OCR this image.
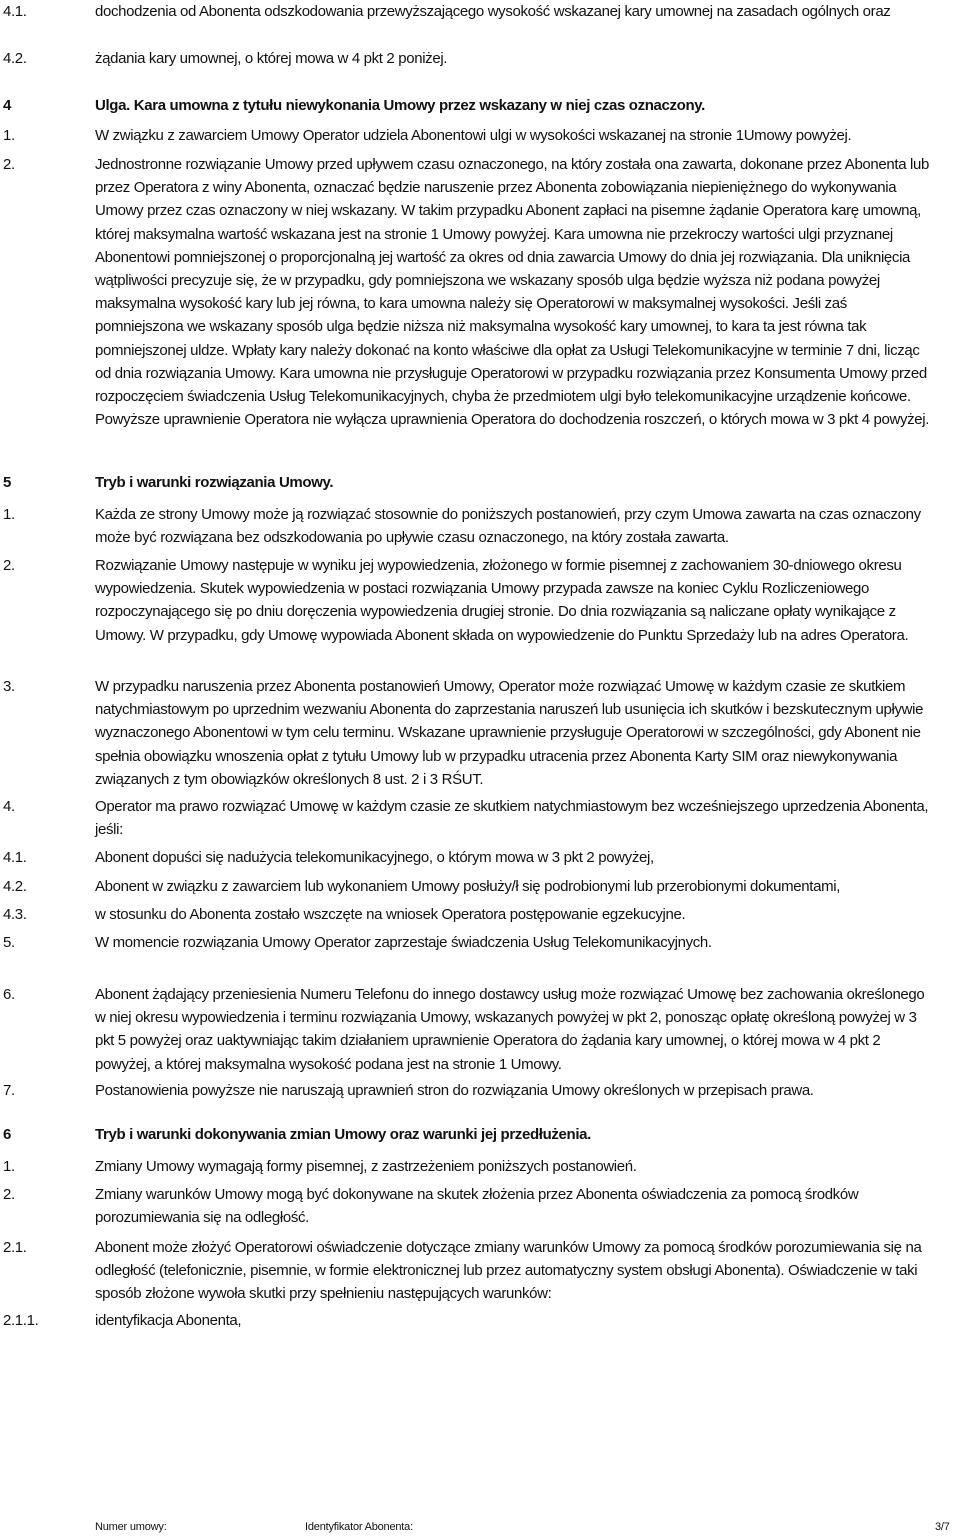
4.1.	dochodzenia od Abonenta odszkodowania przewyższającego wysokość wskazanej kary umownej na zasadach ogólnych oraz
4.2.	żądania kary umownej, o której mowa w 4 pkt 2 poniżej.
4	Ulga. Kara umowna z tytułu niewykonania Umowy przez wskazany w niej czas oznaczony.
1.	W związku z zawarciem Umowy Operator udziela Abonentowi ulgi w wysokości wskazanej na stronie 1Umowy powyżej.
2.	Jednostronne rozwiązanie Umowy przed upływem czasu oznaczonego, na który została ona zawarta, dokonane przez Abonenta lub przez Operatora z winy Abonenta, oznaczać będzie naruszenie przez Abonenta zobowiązania niepieniężnego do wykonywania Umowy przez czas oznaczony w niej wskazany. W takim przypadku Abonent zapłaci na pisemne żądanie Operatora karę umowną, której maksymalna wartość wskazana jest na stronie 1 Umowy powyżej. Kara umowna nie przekroczy wartości ulgi przyznanej Abonentowi pomniejszonej o proporcjonalną jej wartość za okres od dnia zawarcia Umowy do dnia jej rozwiązania. Dla uniknięcia wątpliwości precyzuje się, że w przypadku, gdy pomniejszona we wskazany sposób ulga będzie wyższa niż podana powyżej maksymalna wysokość kary lub jej równa, to kara umowna należy się Operatorowi w maksymalnej wysokości. Jeśli zaś pomniejszona we wskazany sposób ulga będzie niższa niż maksymalna wysokość kary umownej, to kara ta jest równa tak pomniejszonej uldze. Wpłaty kary należy dokonać na konto właściwe dla opłat za Usługi Telekomunikacyjne w terminie 7 dni, licząc od dnia rozwiązania Umowy. Kara umowna nie przysługuje Operatorowi w przypadku rozwiązania przez Konsumenta Umowy przed rozpoczęciem świadczenia Usług Telekomunikacyjnych, chyba że przedmiotem ulgi było telekomunikacyjne urządzenie końcowe. Powyższe uprawnienie Operatora nie wyłącza uprawnienia Operatora do dochodzenia roszczeń, o których mowa w 3 pkt 4 powyżej.
5	Tryb i warunki rozwiązania Umowy.
1.	Każda ze strony Umowy może ją rozwiązać stosownie do poniższych postanowień, przy czym Umowa zawarta na czas oznaczony może być rozwiązana bez odszkodowania po upływie czasu oznaczonego, na który została zawarta.
2.	Rozwiązanie Umowy następuje w wyniku jej wypowiedzenia, złożonego w formie pisemnej z zachowaniem 30-dniowego okresu wypowiedzenia. Skutek wypowiedzenia w postaci rozwiązania Umowy przypada zawsze na koniec Cyklu Rozliczeniowego rozpoczynającego się po dniu doręczenia wypowiedzenia drugiej stronie. Do dnia rozwiązania są naliczane opłaty wynikające z Umowy. W przypadku, gdy Umowę wypowiada Abonent składa on wypowiedzenie do Punktu Sprzedaży lub na adres Operatora.
3.	W przypadku naruszenia przez Abonenta postanowień Umowy, Operator może rozwiązać Umowę w każdym czasie ze skutkiem natychmiastowym po uprzednim wezwaniu Abonenta do zaprzestania naruszeń lub usunięcia ich skutków i bezskutecznym upływie wyznaczonego Abonentowi w tym celu terminu. Wskazane uprawnienie przysługuje Operatorowi w szczególności, gdy Abonent nie spełnia obowiązku wnoszenia opłat z tytułu Umowy lub w przypadku utracenia przez Abonenta Karty SIM oraz niewykonywania związanych z tym obowiązków określonych 8 ust. 2 i 3 RŚUT.
4.	Operator ma prawo rozwiązać Umowę w każdym czasie ze skutkiem natychmiastowym bez wcześniejszego uprzedzenia Abonenta, jeśli:
4.1.	Abonent dopuści się nadużycia telekomunikacyjnego, o którym mowa w 3 pkt 2 powyżej,
4.2.	Abonent w związku z zawarciem lub wykonaniem Umowy posłuży/ł się podrobionymi lub przerobionymi dokumentami,
4.3.	w stosunku do Abonenta zostało wszczęte na wniosek Operatora postępowanie egzekucyjne.
5.	W momencie rozwiązania Umowy Operator zaprzestaje świadczenia Usług Telekomunikacyjnych.
6.	Abonent żądający przeniesienia Numeru Telefonu do innego dostawcy usług może rozwiązać Umowę bez zachowania określonego w niej okresu wypowiedzenia i terminu rozwiązania Umowy, wskazanych powyżej w pkt 2, ponosząc opłatę określoną powyżej w 3 pkt 5 powyżej oraz uaktywniając takim działaniem uprawnienie Operatora do żądania kary umownej, o której mowa w 4 pkt 2 powyżej, a której maksymalna wysokość podana jest na stronie 1 Umowy.
7.	Postanowienia powyższe nie naruszają uprawnień stron do rozwiązania Umowy określonych w przepisach prawa.
6	Tryb i warunki dokonywania zmian Umowy oraz warunki jej przedłużenia.
1.	Zmiany Umowy wymagają formy pisemnej, z zastrzeżeniem poniższych postanowień.
2.	Zmiany warunków Umowy mogą być dokonywane na skutek złożenia przez Abonenta oświadczenia za pomocą środków porozumiewania się na odległość.
2.1.	Abonent może złożyć Operatorowi oświadczenie dotyczące zmiany warunków Umowy za pomocą środków porozumiewania się na odległość (telefonicznie, pisemnie, w formie elektronicznej lub przez automatyczny system obsługi Abonenta). Oświadczenie w taki sposób złożone wywoła skutki przy spełnieniu następujących warunków:
2.1.1.	identyfikacja Abonenta,
Numer umowy:	Identyfikator Abonenta:	3/7
